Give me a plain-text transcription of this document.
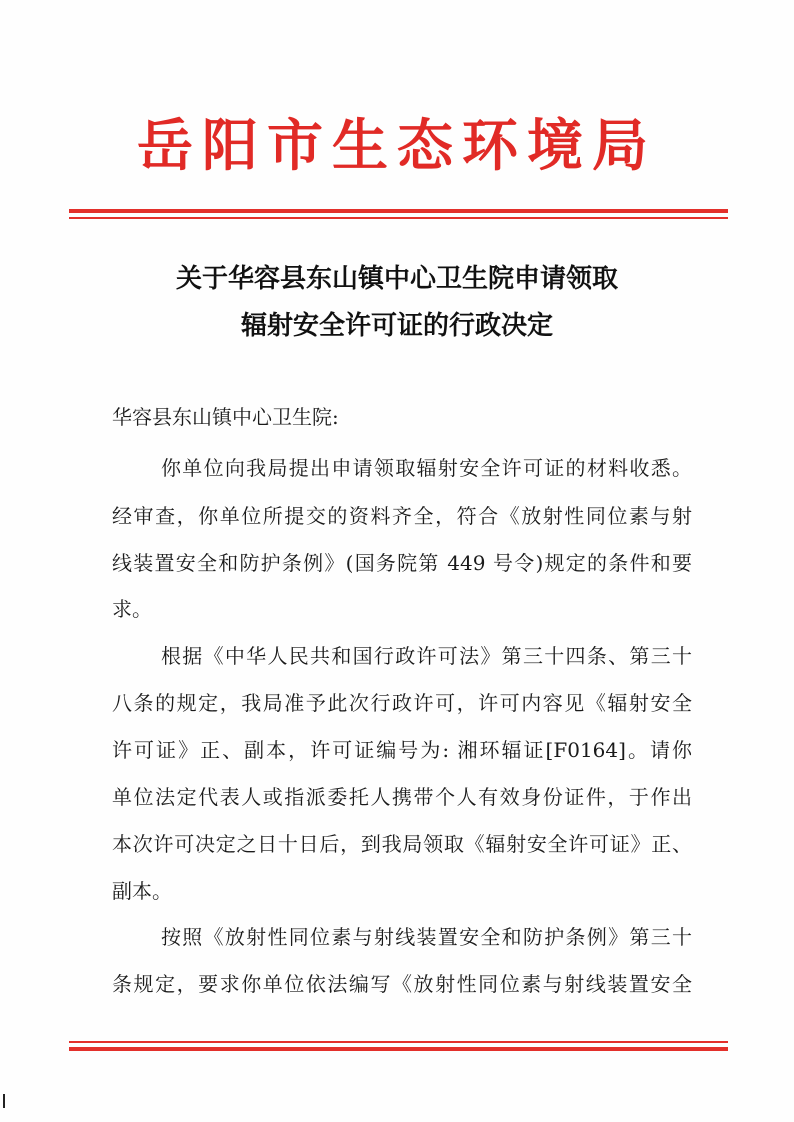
岳阳市生态环境局
关于华容县东山镇中心卫生院申请领取
辐射安全许可证的行政决定
华容县东山镇中心卫生院:
你单位向我局提出申请领取辐射安全许可证的材料收悉。
经审查，你单位所提交的资料齐全，符合《放射性同位素与射
线装置安全和防护条例》(国务院第 449 号令)规定的条件和要
求。
根据《中华人民共和国行政许可法》第三十四条、第三十
八条的规定，我局准予此次行政许可，许可内容见《辐射安全
许可证》正、副本，许可证编号为: 湘环辐证[F0164]。请你
单位法定代表人或指派委托人携带个人有效身份证件，于作出
本次许可决定之日十日后，到我局领取《辐射安全许可证》正、
副本。
按照《放射性同位素与射线装置安全和防护条例》第三十
条规定，要求你单位依法编写《放射性同位素与射线装置安全
